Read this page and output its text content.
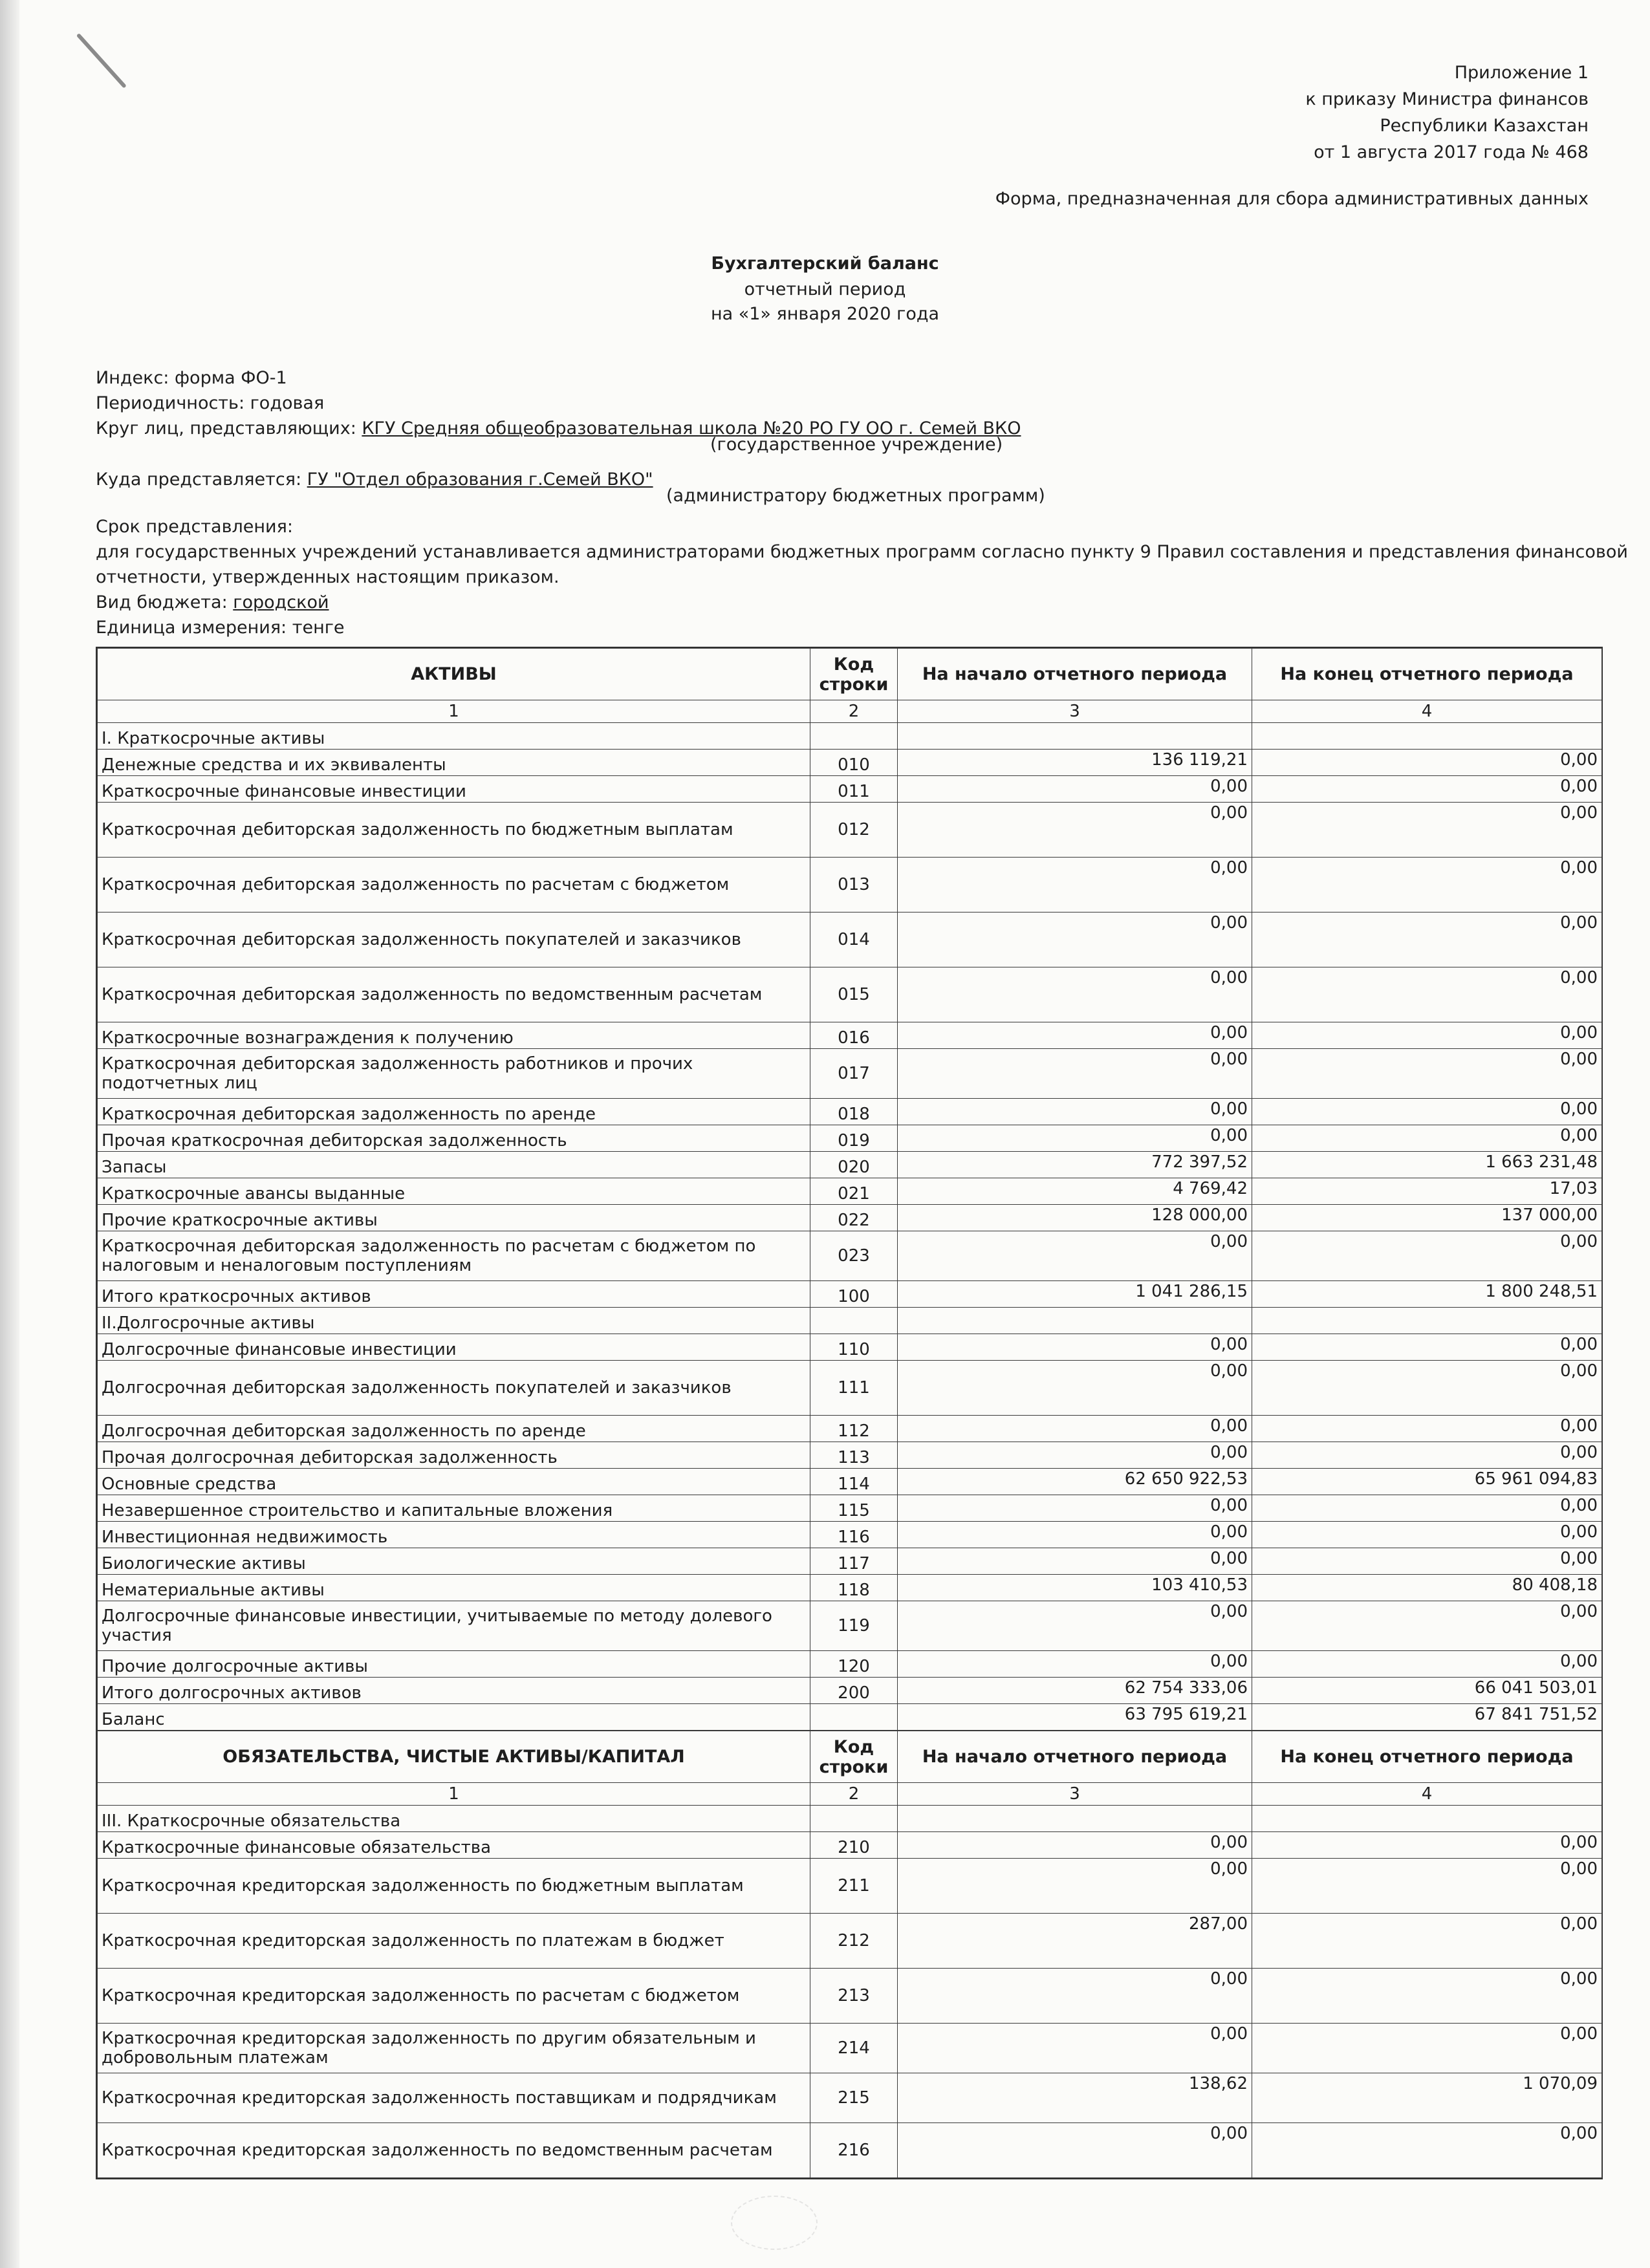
Приложение 1
к приказу Министра финансов
Республики Казахстан
от 1 августа 2017 года № 468
Форма, предназначенная для сбора административных данных
Бухгалтерский баланс
отчетный период
на «1» января 2020 года
Индекс: форма ФО-1
Периодичность: годовая
Круг лиц, представляющих: КГУ Средняя общеобразовательная школа №20 РО ГУ ОО г. Семей ВКО
(государственное учреждение)
Куда представляется: ГУ "Отдел образования г.Семей ВКО"
(администратору бюджетных программ)
Срок представления:
для государственных учреждений устанавливается администраторами бюджетных программ согласно пункту 9 Правил составления и представления финансовой
отчетности, утвержденных настоящим приказом.
Вид бюджета: городской
Единица измерения: тенге
АКТИВЫ	Код строки	На начало отчетного периода	На конец отчетного периода
1	2	3	4
I. Краткосрочные активы			
Денежные средства и их эквиваленты	010	136 119,21	0,00
Краткосрочные финансовые инвестиции	011	0,00	0,00
Краткосрочная дебиторская задолженность по бюджетным выплатам	012	0,00	0,00
Краткосрочная дебиторская задолженность по расчетам с бюджетом	013	0,00	0,00
Краткосрочная дебиторская задолженность покупателей и заказчиков	014	0,00	0,00
Краткосрочная дебиторская задолженность по ведомственным расчетам	015	0,00	0,00
Краткосрочные вознаграждения к получению	016	0,00	0,00
Краткосрочная дебиторская задолженность работников и прочих подотчетных лиц	017	0,00	0,00
Краткосрочная дебиторская задолженность по аренде	018	0,00	0,00
Прочая краткосрочная дебиторская задолженность	019	0,00	0,00
Запасы	020	772 397,52	1 663 231,48
Краткосрочные авансы выданные	021	4 769,42	17,03
Прочие краткосрочные активы	022	128 000,00	137 000,00
Краткосрочная дебиторская задолженность по расчетам с бюджетом по налоговым и неналоговым поступлениям	023	0,00	0,00
Итого краткосрочных активов	100	1 041 286,15	1 800 248,51
II.Долгосрочные активы			
Долгосрочные финансовые инвестиции	110	0,00	0,00
Долгосрочная дебиторская задолженность покупателей и заказчиков	111	0,00	0,00
Долгосрочная дебиторская задолженность по аренде	112	0,00	0,00
Прочая долгосрочная дебиторская задолженность	113	0,00	0,00
Основные средства	114	62 650 922,53	65 961 094,83
Незавершенное строительство и капитальные вложения	115	0,00	0,00
Инвестиционная недвижимость	116	0,00	0,00
Биологические активы	117	0,00	0,00
Нематериальные активы	118	103 410,53	80 408,18
Долгосрочные финансовые инвестиции, учитываемые по методу долевого участия	119	0,00	0,00
Прочие долгосрочные активы	120	0,00	0,00
Итого долгосрочных активов	200	62 754 333,06	66 041 503,01
Баланс		63 795 619,21	67 841 751,52
ОБЯЗАТЕЛЬСТВА, ЧИСТЫЕ АКТИВЫ/КАПИТАЛ	Код строки	На начало отчетного периода	На конец отчетного периода
1	2	3	4
III. Краткосрочные обязательства			
Краткосрочные финансовые обязательства	210	0,00	0,00
Краткосрочная кредиторская задолженность по бюджетным выплатам	211	0,00	0,00
Краткосрочная кредиторская задолженность по платежам в бюджет	212	287,00	0,00
Краткосрочная кредиторская задолженность по расчетам с бюджетом	213	0,00	0,00
Краткосрочная кредиторская задолженность по другим обязательным и добровольным платежам	214	0,00	0,00
Краткосрочная кредиторская задолженность поставщикам и подрядчикам	215	138,62	1 070,09
Краткосрочная кредиторская задолженность по ведомственным расчетам	216	0,00	0,00
